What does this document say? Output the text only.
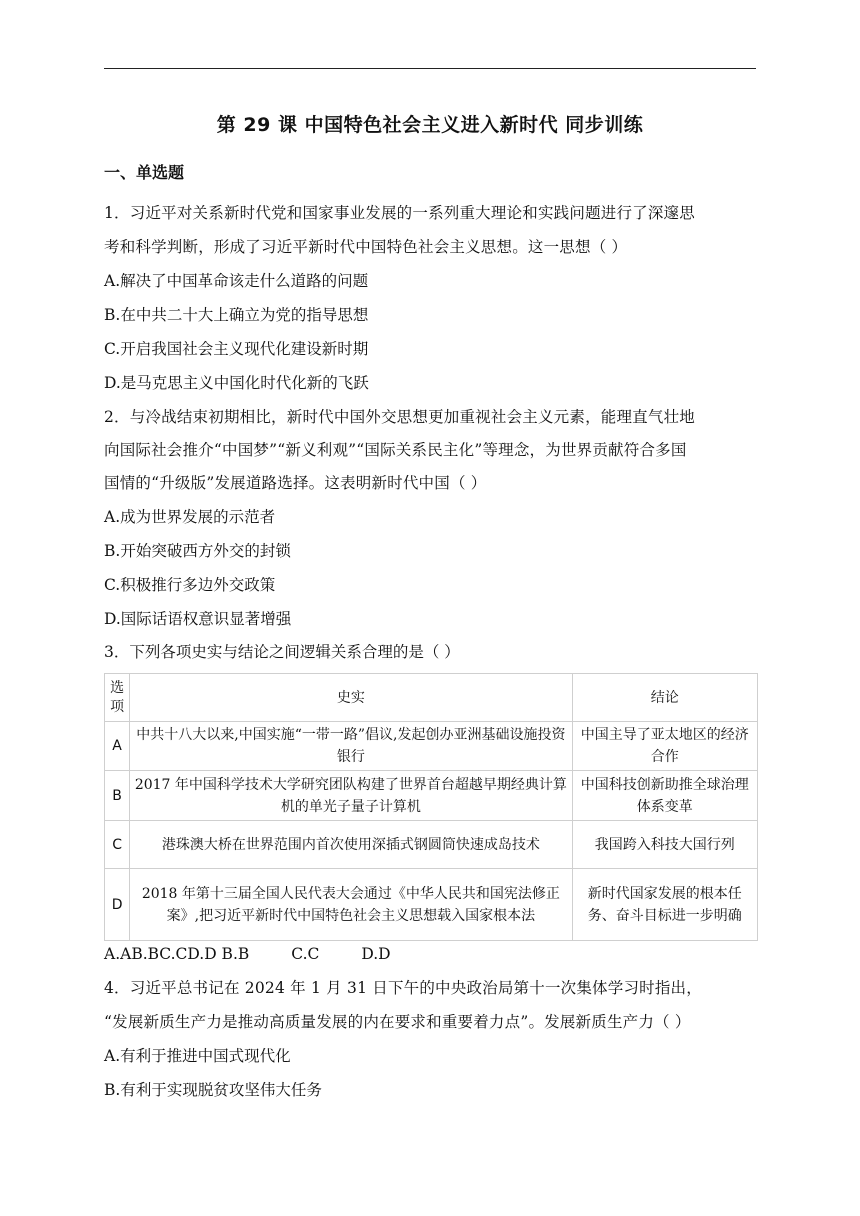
第 29 课 中国特色社会主义进入新时代 同步训练
一、单选题
1．习近平对关系新时代党和国家事业发展的一系列重大理论和实践问题进行了深邃思
考和科学判断，形成了习近平新时代中国特色社会主义思想。这一思想（ ）
A.解决了中国革命该走什么道路的问题
B.在中共二十大上确立为党的指导思想
C.开启我国社会主义现代化建设新时期
D.是马克思主义中国化时代化新的飞跃
2．与冷战结束初期相比，新时代中国外交思想更加重视社会主义元素，能理直气壮地
向国际社会推介“中国梦”“新义利观”“国际关系民主化”等理念，为世界贡献符合多国
国情的“升级版”发展道路选择。这表明新时代中国（ ）
A.成为世界发展的示范者
B.开始突破西方外交的封锁
C.积极推行多边外交政策
D.国际话语权意识显著增强
3．下列各项史实与结论之间逻辑关系合理的是（ ）
选项	史实	结论
A	中共十八大以来,中国实施“一带一路”倡议,发起创办亚洲基础设施投资银行	中国主导了亚太地区的经济合作
B	2017 年中国科学技术大学研究团队构建了世界首台超越早期经典计算机的单光子量子计算机	中国科技创新助推全球治理体系变革
C	港珠澳大桥在世界范围内首次使用深插式钢圆筒快速成岛技术	我国跨入科技大国行列
D	2018 年第十三届全国人民代表大会通过《中华人民共和国宪法修正案》,把习近平新时代中国特色社会主义思想载入国家根本法	新时代国家发展的根本任务、奋斗目标进一步明确
A.AB.BC.CD.D B.B	C.C	D.D
4．习近平总书记在 2024 年 1 月 31 日下午的中央政治局第十一次集体学习时指出，
“发展新质生产力是推动高质量发展的内在要求和重要着力点”。发展新质生产力（ ）
A.有利于推进中国式现代化
B.有利于实现脱贫攻坚伟大任务
